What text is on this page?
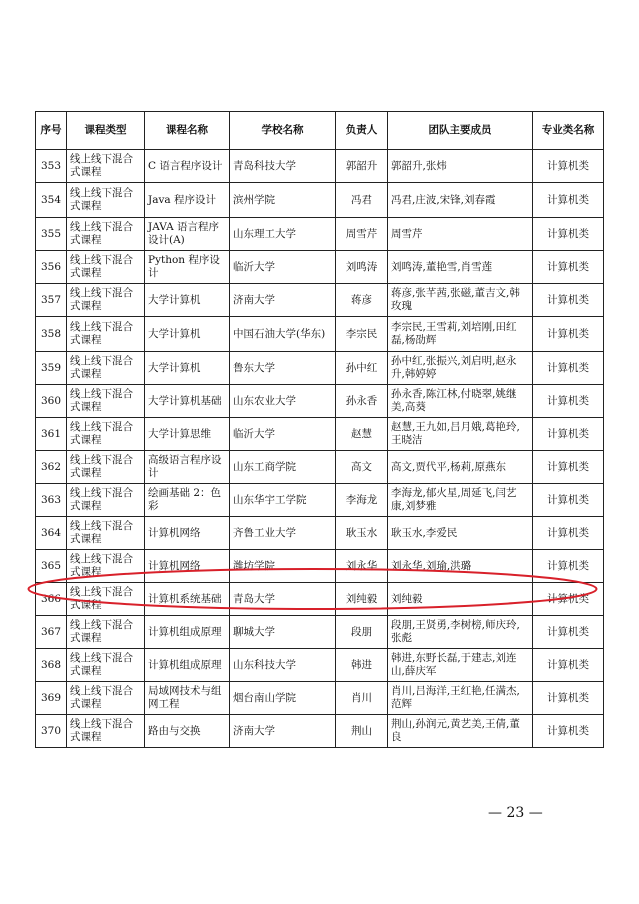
序号	课程类型	课程名称	学校名称	负责人	团队主要成员	专业类名称
353	线上线下混合式课程	C 语言程序设计	青岛科技大学	郭韶升	郭韶升,张炜	计算机类
354	线上线下混合式课程	Java 程序设计	滨州学院	冯君	冯君,庄波,宋锋,刘春霞	计算机类
355	线上线下混合式课程	JAVA 语言程序设计(A)	山东理工大学	周雪芹	周雪芹	计算机类
356	线上线下混合式课程	Python 程序设计	临沂大学	刘鸣涛	刘鸣涛,董艳雪,肖雪莲	计算机类
357	线上线下混合式课程	大学计算机	济南大学	蒋彦	蒋彦,张芊茜,张磁,董吉文,韩玫瑰	计算机类
358	线上线下混合式课程	大学计算机	中国石油大学(华东)	李宗民	李宗民,王雪莉,刘培刚,田红磊,杨劭辉	计算机类
359	线上线下混合式课程	大学计算机	鲁东大学	孙中红	孙中红,张振兴,刘启明,赵永升,韩婷婷	计算机类
360	线上线下混合式课程	大学计算机基础	山东农业大学	孙永香	孙永香,陈江林,付晓翠,姚继美,高葵	计算机类
361	线上线下混合式课程	大学计算思维	临沂大学	赵慧	赵慧,王九如,吕月娥,葛艳玲,王晓洁	计算机类
362	线上线下混合式课程	高级语言程序设计	山东工商学院	高文	高文,贾代平,杨莉,原燕东	计算机类
363	线上线下混合式课程	绘画基础 2：色彩	山东华宇工学院	李海龙	李海龙,郁火星,周延飞,闫艺康,刘梦雅	计算机类
364	线上线下混合式课程	计算机网络	齐鲁工业大学	耿玉水	耿玉水,李爱民	计算机类
365	线上线下混合式课程	计算机网络	潍坊学院	刘永华	刘永华,刘瑜,洪璐	计算机类
366	线上线下混合式课程	计算机系统基础	青岛大学	刘纯毅	刘纯毅	计算机类
367	线上线下混合式课程	计算机组成原理	聊城大学	段朋	段朋,王贤勇,李树榜,师庆玲,张彪	计算机类
368	线上线下混合式课程	计算机组成原理	山东科技大学	韩进	韩进,东野长磊,于建志,刘连山,薛庆军	计算机类
369	线上线下混合式课程	局域网技术与组网工程	烟台南山学院	肖川	肖川,吕海洋,王红艳,任满杰,范辉	计算机类
370	线上线下混合式课程	路由与交换	济南大学	荆山	荆山,孙润元,黄艺美,王倩,董良	计算机类
— 23 —
